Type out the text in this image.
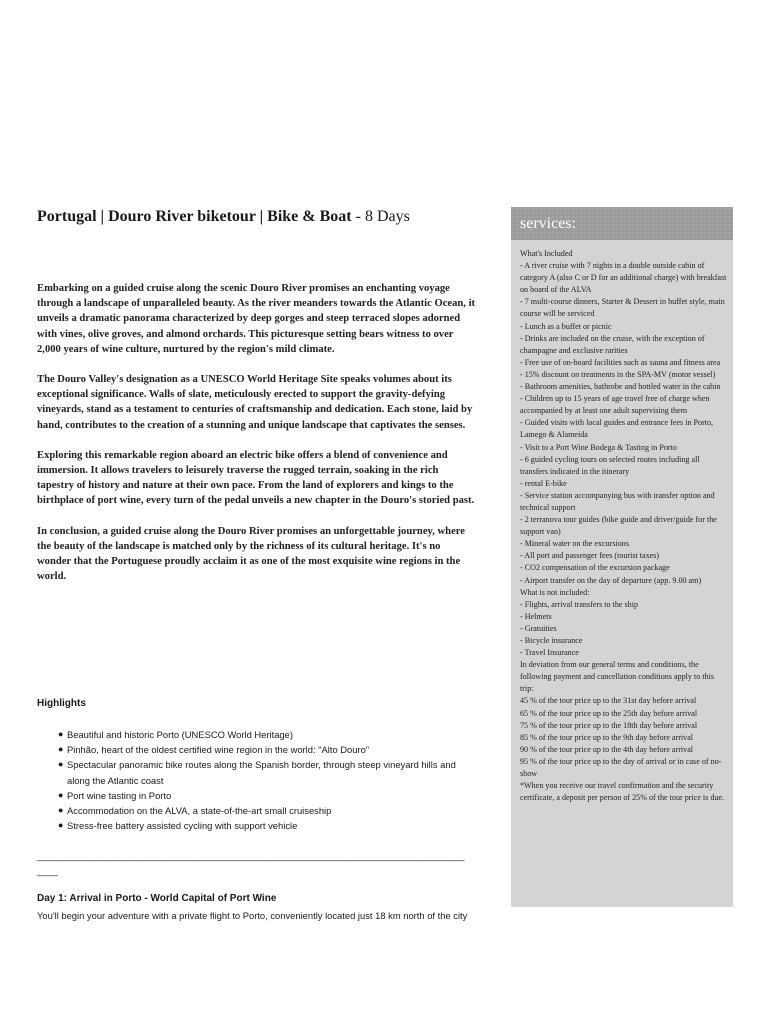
Portugal | Douro River biketour | Bike & Boat - 8 Days

Embarking on a guided cruise along the scenic Douro River promises an enchanting voyage through a landscape of unparalleled beauty. As the river meanders towards the Atlantic Ocean, it unveils a dramatic panorama characterized by deep gorges and steep terraced slopes adorned with vines, olive groves, and almond orchards. This picturesque setting bears witness to over 2,000 years of wine culture, nurtured by the region's mild climate.

The Douro Valley's designation as a UNESCO World Heritage Site speaks volumes about its exceptional significance. Walls of slate, meticulously erected to support the gravity-defying vineyards, stand as a testament to centuries of craftsmanship and dedication. Each stone, laid by hand, contributes to the creation of a stunning and unique landscape that captivates the senses.

Exploring this remarkable region aboard an electric bike offers a blend of convenience and immersion. It allows travelers to leisurely traverse the rugged terrain, soaking in the rich tapestry of history and nature at their own pace. From the land of explorers and kings to the birthplace of port wine, every turn of the pedal unveils a new chapter in the Douro's storied past.

In conclusion, a guided cruise along the Douro River promises an unforgettable journey, where the beauty of the landscape is matched only by the richness of its cultural heritage. It's no wonder that the Portuguese proudly acclaim it as one of the most exquisite wine regions in the world.

Highlights
● Beautiful and historic Porto (UNESCO World Heritage)
● Pinhão, heart of the oldest certified wine region in the world: "Alto Douro"
● Spectacular panoramic bike routes along the Spanish border, through steep vineyard hills and along the Atlantic coast
● Port wine tasting in Porto
● Accommodation on the ALVA, a state-of-the-art small cruiseship
● Stress-free battery assisted cycling with support vehicle
______________________________________________________________________________________
Day 1: Arrival in Porto - World Capital of Port Wine

You'll begin your adventure with a private flight to Porto, conveniently located just 18 km north of the city

services:
What's Included
- A river cruise with 7 nights in a double outside cabin of category A (also C or D for an additional charge) with breakfast on board of the ALVA
- 7 multi-course dinners, Starter & Dessert in buffet style, main course will be serviced
- Lunch as a buffet or picnic
- Drinks are included on the cruise, with the exception of champagne and exclusive rarities
- Free use of on-board facilities such as sauna and fitness area
- 15% discount on treatments in the SPA-MV (motor vessel)
- Bathroom amenities, bathrobe and bottled water in the cabin
- Children up to 15 years of age travel free of charge when accompanied by at least one adult supervising them
- Guided visits with local guides and entrance fees in Porto, Lamego & Alameida
- Visit to a Port Wine Bodega & Tasting in Porto
- 6 guided cycling tours on selected routes including all transfers indicated in the itinerary
- rental E-bike
- Service station accompanying bus with transfer option and technical support
- 2 terranova tour guides (bike guide and driver/guide for the support van)
- Mineral water on the excursions
- All port and passenger fees (tourist taxes)
- CO2 compensation of the excursion package
- Airport transfer on the day of departure (app. 9.00 am)
What is not included:
- Flights, arrival transfers to the ship
- Helmets
- Gratuities
- Bicycle insurance
- Travel Insurance
In deviation from our general terms and conditions, the following payment and cancellation conditions apply to this trip:
45 % of the tour price up to the 31st day before arrival
65 % of the tour price up to the 25th day before arrival
75 % of the tour price up to the 18th day before arrival
85 % of the tour price up to the 9th day before arrival
90 % of the tour price up to the 4th day before arrival
95 % of the tour price up to the day of arrival or in case of no-show
*When you receive our travel confirmation and the security certificate, a deposit per person of 25% of the tour price is due.
